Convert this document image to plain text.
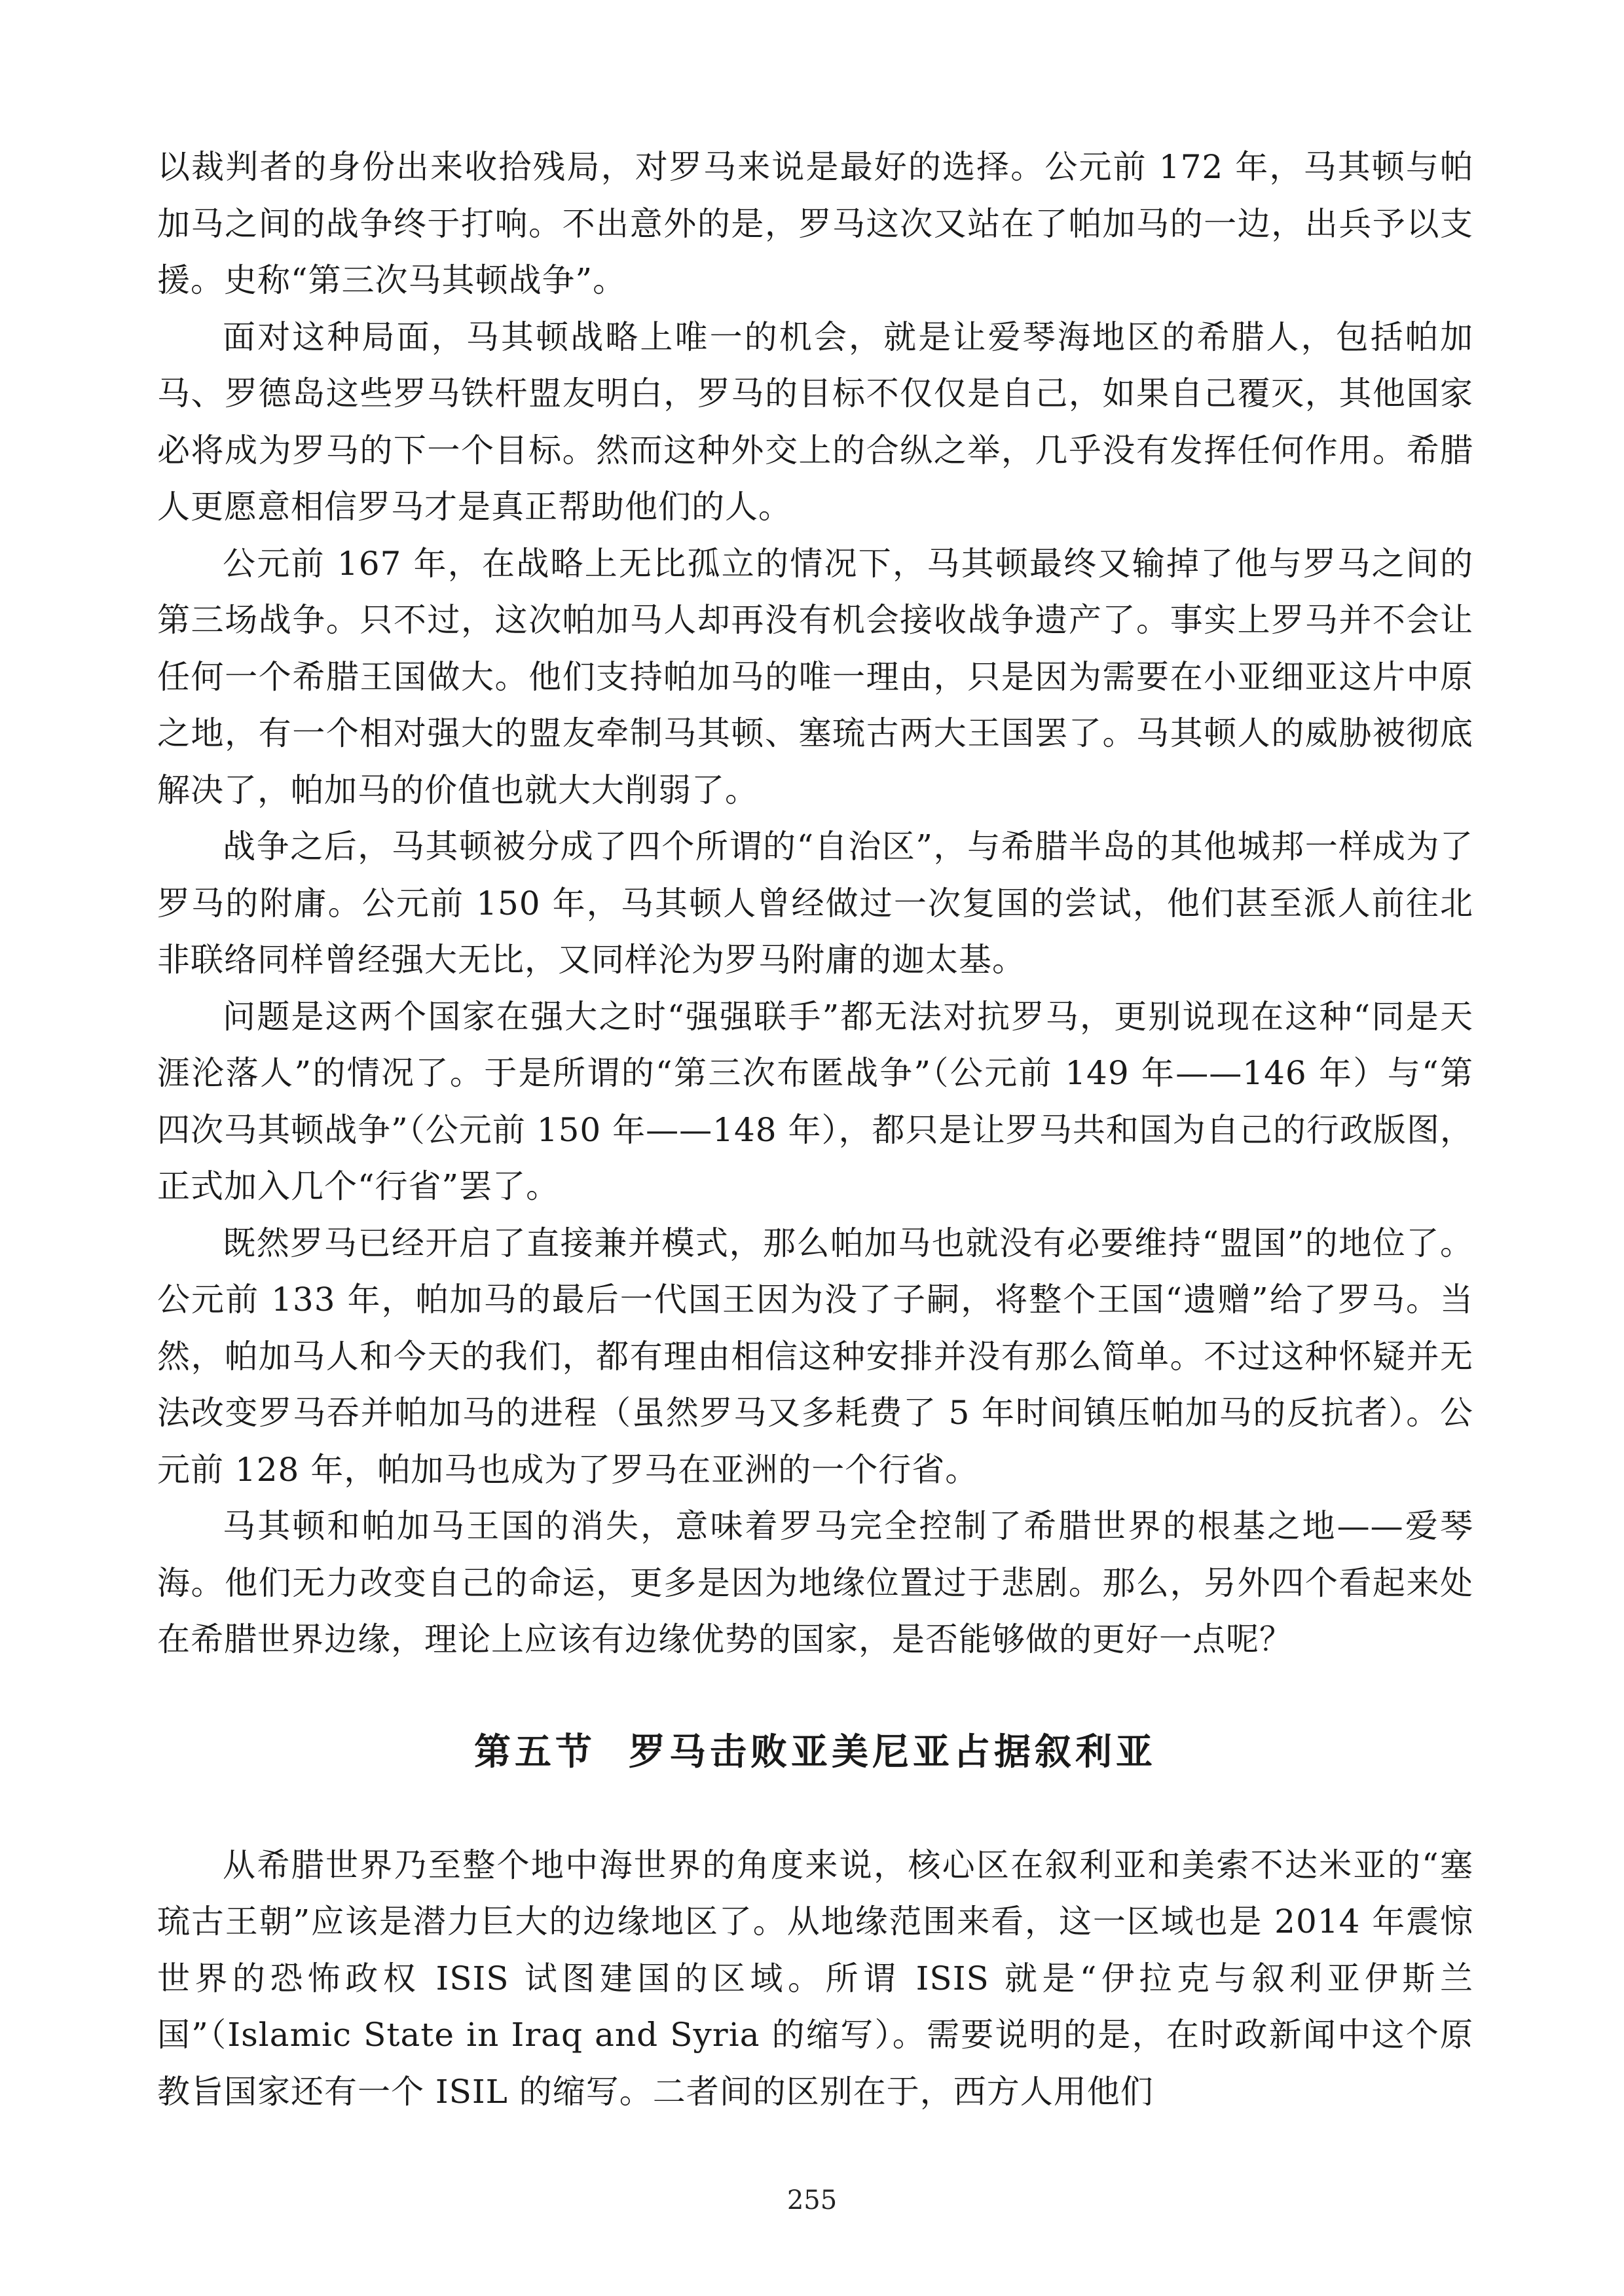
以裁判者的身份出来收拾残局，对罗马来说是最好的选择。公元前 172 年，马其顿与帕加马之间的战争终于打响。不出意外的是，罗马这次又站在了帕加马的一边，出兵予以支援。史称“第三次马其顿战争”。

面对这种局面，马其顿战略上唯一的机会，就是让爱琴海地区的希腊人，包括帕加马、罗德岛这些罗马铁杆盟友明白，罗马的目标不仅仅是自己，如果自己覆灭，其他国家必将成为罗马的下一个目标。然而这种外交上的合纵之举，几乎没有发挥任何作用。希腊人更愿意相信罗马才是真正帮助他们的人。

公元前 167 年，在战略上无比孤立的情况下，马其顿最终又输掉了他与罗马之间的第三场战争。只不过，这次帕加马人却再没有机会接收战争遗产了。事实上罗马并不会让任何一个希腊王国做大。他们支持帕加马的唯一理由，只是因为需要在小亚细亚这片中原之地，有一个相对强大的盟友牵制马其顿、塞琉古两大王国罢了。马其顿人的威胁被彻底解决了，帕加马的价值也就大大削弱了。

战争之后，马其顿被分成了四个所谓的“自治区”，与希腊半岛的其他城邦一样成为了罗马的附庸。公元前 150 年，马其顿人曾经做过一次复国的尝试，他们甚至派人前往北非联络同样曾经强大无比，又同样沦为罗马附庸的迦太基。

问题是这两个国家在强大之时“强强联手”都无法对抗罗马，更别说现在这种“同是天涯沦落人”的情况了。于是所谓的“第三次布匿战争”（公元前 149 年——146 年）与“第四次马其顿战争”（公元前 150 年——148 年），都只是让罗马共和国为自己的行政版图，正式加入几个“行省”罢了。

既然罗马已经开启了直接兼并模式，那么帕加马也就没有必要维持“盟国”的地位了。公元前 133 年，帕加马的最后一代国王因为没了子嗣，将整个王国“遗赠”给了罗马。当然，帕加马人和今天的我们，都有理由相信这种安排并没有那么简单。不过这种怀疑并无法改变罗马吞并帕加马的进程（虽然罗马又多耗费了 5 年时间镇压帕加马的反抗者）。公元前 128 年，帕加马也成为了罗马在亚洲的一个行省。

马其顿和帕加马王国的消失，意味着罗马完全控制了希腊世界的根基之地——爱琴海。他们无力改变自己的命运，更多是因为地缘位置过于悲剧。那么，另外四个看起来处在希腊世界边缘，理论上应该有边缘优势的国家，是否能够做的更好一点呢？

第五节 罗马击败亚美尼亚占据叙利亚

从希腊世界乃至整个地中海世界的角度来说，核心区在叙利亚和美索不达米亚的“塞琉古王朝”应该是潜力巨大的边缘地区了。从地缘范围来看，这一区域也是 2014 年震惊世界的恐怖政权 ISIS 试图建国的区域。所谓 ISIS 就是“伊拉克与叙利亚伊斯兰国”（Islamic State in Iraq and Syria 的缩写）。需要说明的是，在时政新闻中这个原教旨国家还有一个 ISIL 的缩写。二者间的区别在于，西方人用他们

255
